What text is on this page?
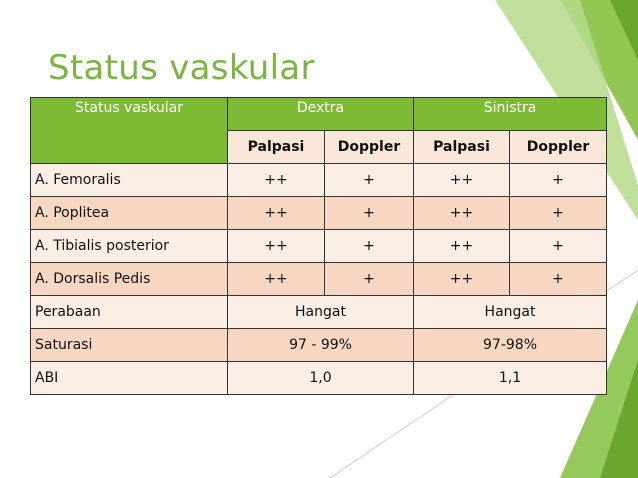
Status vaskular
Status vaskular	Dextra		Sinistra	
	Palpasi	Doppler	Palpasi	Doppler
A. Femoralis	++	+	++	+
A. Poplitea	++	+	++	+
A. Tibialis posterior	++	+	++	+
A. Dorsalis Pedis	++	+	++	+
Perabaan	Hangat		Hangat	
Saturasi	97 - 99%		97-98%	
ABI	1,0		1,1	
